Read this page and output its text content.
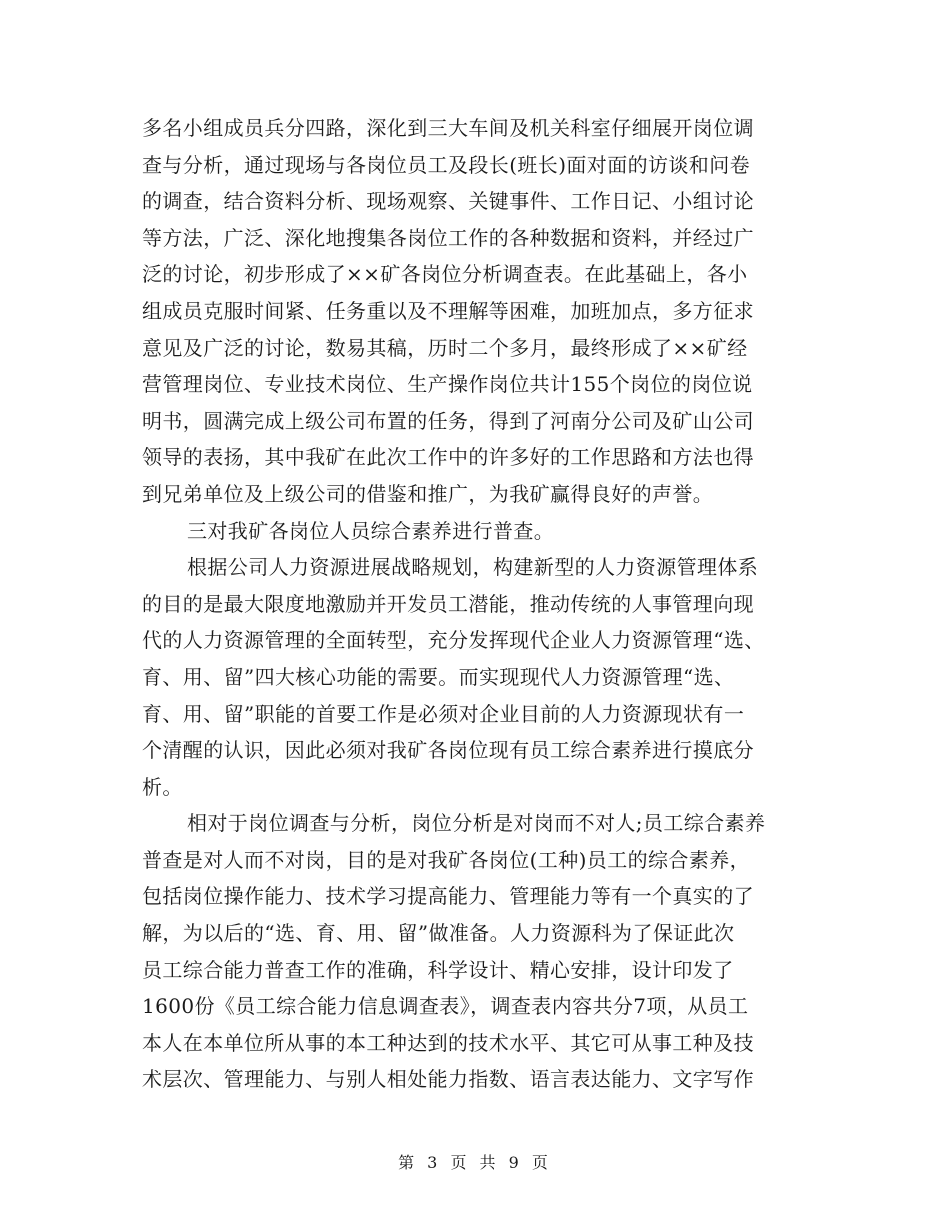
多名小组成员兵分四路，深化到三大车间及机关科室仔细展开岗位调
查与分析，通过现场与各岗位员工及段长(班长)面对面的访谈和问卷
的调查，结合资料分析、现场观察、关键事件、工作日记、小组讨论
等方法，广泛、深化地搜集各岗位工作的各种数据和资料，并经过广
泛的讨论，初步形成了××矿各岗位分析调查表。在此基础上，各小
组成员克服时间紧、任务重以及不理解等困难，加班加点，多方征求
意见及广泛的讨论，数易其稿，历时二个多月，最终形成了××矿经
营管理岗位、专业技术岗位、生产操作岗位共计155个岗位的岗位说
明书，圆满完成上级公司布置的任务，得到了河南分公司及矿山公司
领导的表扬，其中我矿在此次工作中的许多好的工作思路和方法也得
到兄弟单位及上级公司的借鉴和推广，为我矿赢得良好的声誉。
三对我矿各岗位人员综合素养进行普查。
根据公司人力资源进展战略规划，构建新型的人力资源管理体系
的目的是最大限度地激励并开发员工潜能，推动传统的人事管理向现
代的人力资源管理的全面转型，充分发挥现代企业人力资源管理“选、
育、用、留”四大核心功能的需要。而实现现代人力资源管理“选、
育、用、留”职能的首要工作是必须对企业目前的人力资源现状有一
个清醒的认识，因此必须对我矿各岗位现有员工综合素养进行摸底分
析。
相对于岗位调查与分析，岗位分析是对岗而不对人;员工综合素养
普查是对人而不对岗，目的是对我矿各岗位(工种)员工的综合素养，
包括岗位操作能力、技术学习提高能力、管理能力等有一个真实的了
解，为以后的“选、育、用、留”做准备。人力资源科为了保证此次
员工综合能力普查工作的准确，科学设计、精心安排，设计印发了
1600份《员工综合能力信息调查表》，调查表内容共分7项，从员工
本人在本单位所从事的本工种达到的技术水平、其它可从事工种及技
术层次、管理能力、与别人相处能力指数、语言表达能力、文字写作
第 3 页 共 9 页
